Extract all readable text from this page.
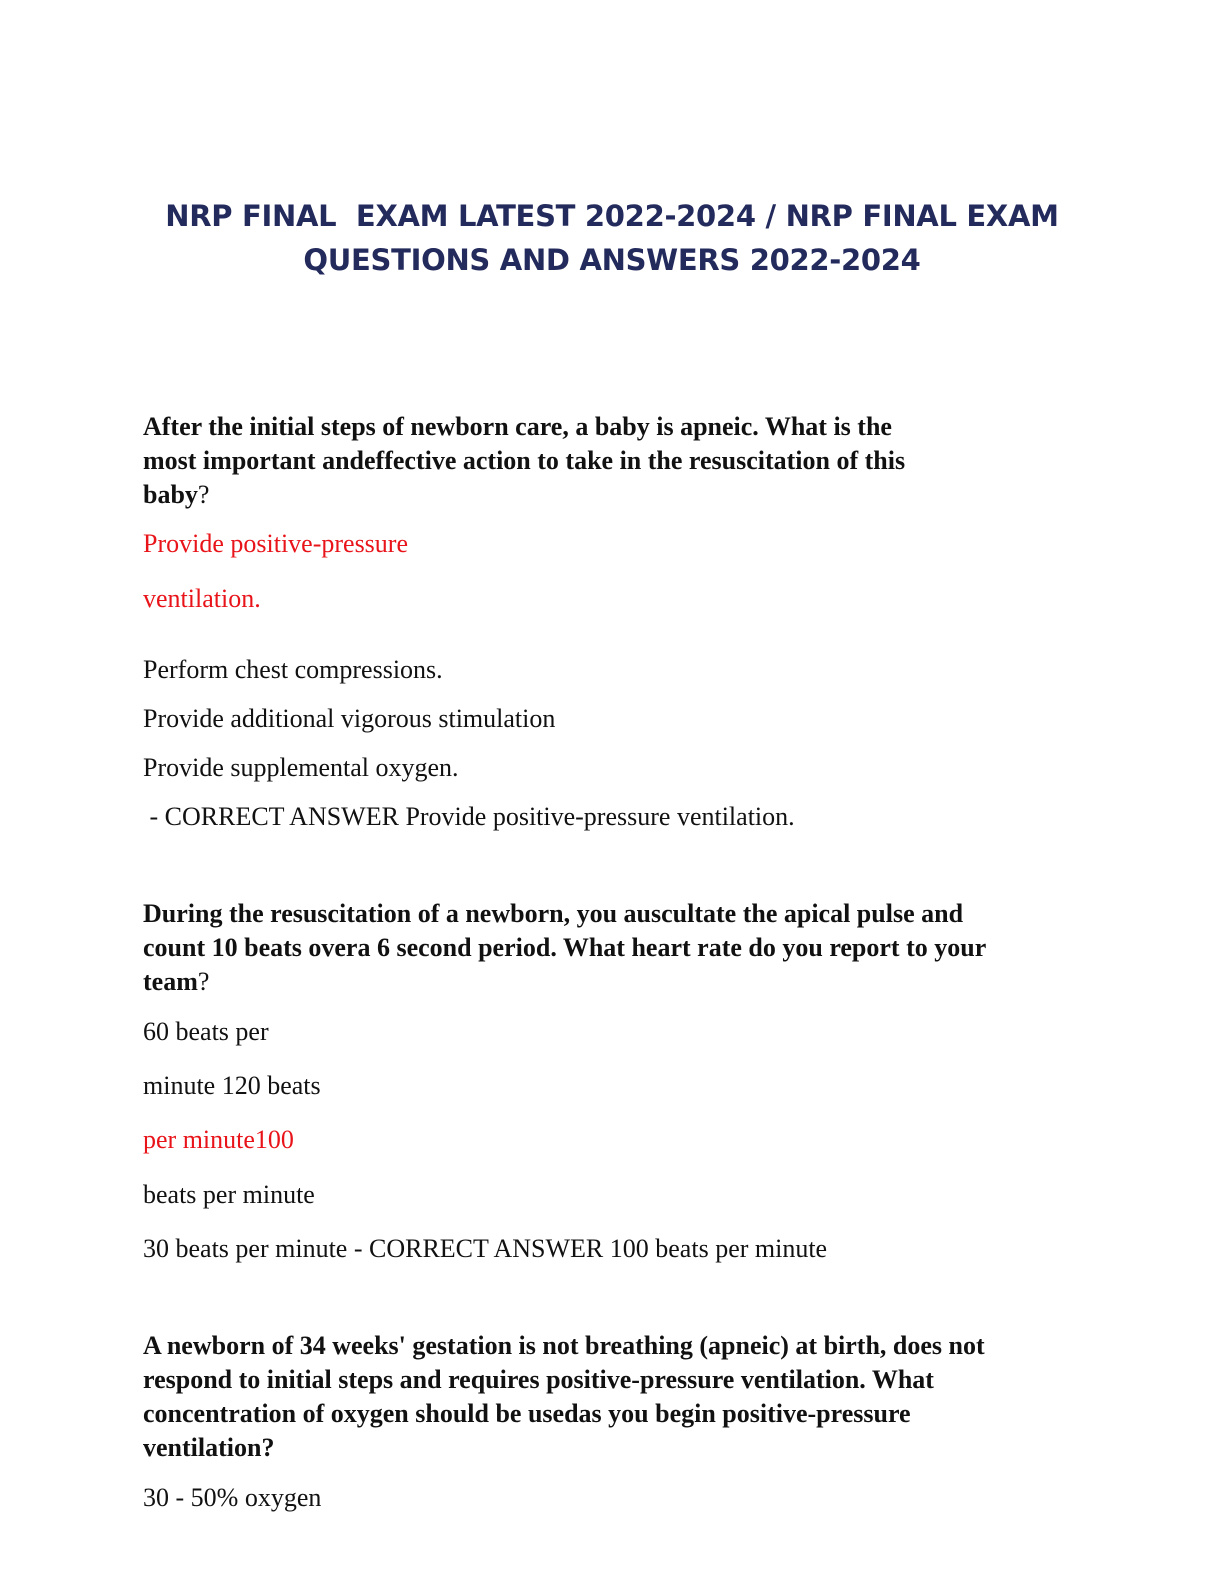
NRP FINAL  EXAM LATEST 2022-2024 / NRP FINAL EXAM
QUESTIONS AND ANSWERS 2022-2024
After the initial steps of newborn care, a baby is apneic. What is the
most important andeffective action to take in the resuscitation of this
baby?
Provide positive-pressure
ventilation.
Perform chest compressions.
Provide additional vigorous stimulation
Provide supplemental oxygen.
- CORRECT ANSWER Provide positive-pressure ventilation.
During the resuscitation of a newborn, you auscultate the apical pulse and
count 10 beats overa 6 second period. What heart rate do you report to your
team?
60 beats per
minute 120 beats
per minute100
beats per minute
30 beats per minute - CORRECT ANSWER 100 beats per minute
A newborn of 34 weeks' gestation is not breathing (apneic) at birth, does not
respond to initial steps and requires positive-pressure ventilation. What
concentration of oxygen should be usedas you begin positive-pressure
ventilation?
30 - 50% oxygen
